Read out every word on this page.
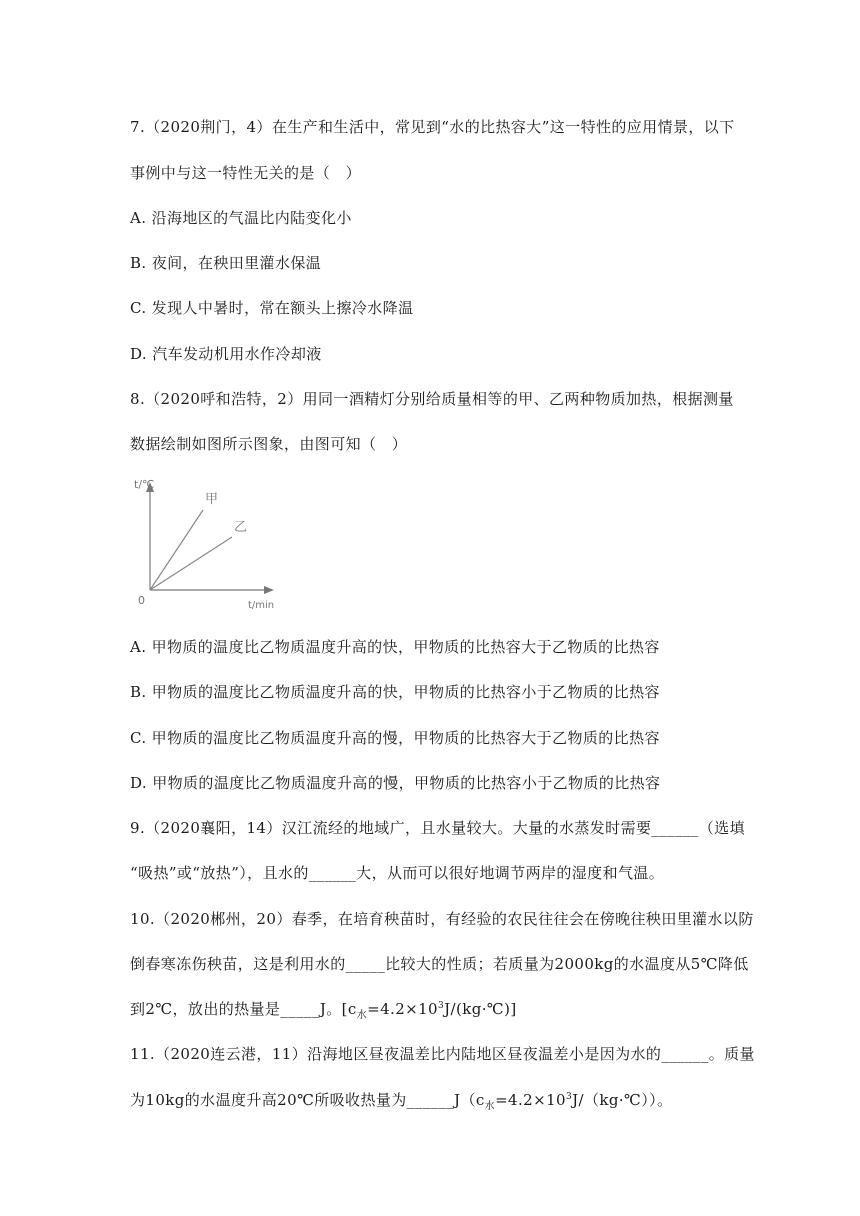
7.（2020荆门，4）在生产和生活中，常见到“水的比热容大”这一特性的应用情景，以下
事例中与这一特性无关的是（　）
A. 沿海地区的气温比内陆变化小
B. 夜间，在秧田里灌水保温
C. 发现人中暑时，常在额头上擦冷水降温
D. 汽车发动机用水作冷却液
8.（2020呼和浩特，2）用同一酒精灯分别给质量相等的甲、乙两种物质加热，根据测量
数据绘制如图所示图象，由图可知（　）
t/℃
0	t/min
甲
乙
A. 甲物质的温度比乙物质温度升高的快，甲物质的比热容大于乙物质的比热容
B. 甲物质的温度比乙物质温度升高的快，甲物质的比热容小于乙物质的比热容
C. 甲物质的温度比乙物质温度升高的慢，甲物质的比热容大于乙物质的比热容
D. 甲物质的温度比乙物质温度升高的慢，甲物质的比热容小于乙物质的比热容
9.（2020襄阳，14）汉江流经的地域广，且水量较大。大量的水蒸发时需要______（选填
“吸热”或“放热”），且水的______大，从而可以很好地调节两岸的湿度和气温。
10.（2020郴州，20）春季，在培育秧苗时，有经验的农民往往会在傍晚往秧田里灌水以防
倒春寒冻伤秧苗，这是利用水的_____比较大的性质；若质量为2000kg的水温度从5℃降低
到2℃，放出的热量是_____J。$[c_水=4.2\times 10^3J/(kg\cdot℃)]$
11.（2020连云港，11）沿海地区昼夜温差比内陆地区昼夜温差小是因为水的______。质量
为10kg的水温度升高20℃所吸收热量为$\_\_\_\_\_\_J(c_水=4.2\times 10^3J/(kg\cdot℃))$。
